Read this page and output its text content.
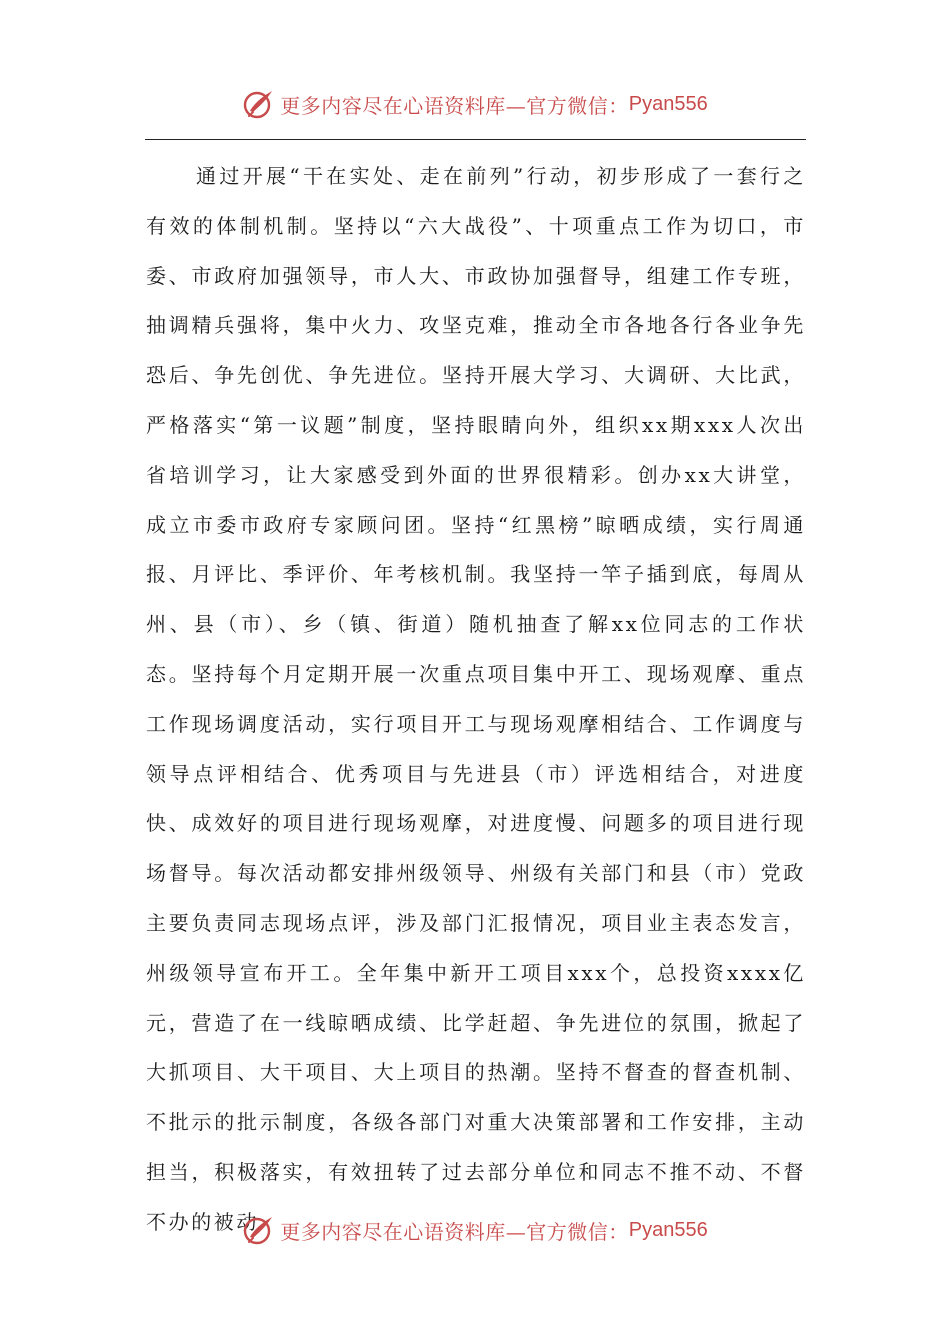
更多内容尽在心语资料库—官方微信： Pyan556

通过开展“干在实处、走在前列”行动，初步形成了一套行之有效的体制机制。坚持以“六大战役”、十项重点工作为切口，市委、市政府加强领导，市人大、市政协加强督导，组建工作专班，抽调精兵强将，集中火力、攻坚克难，推动全市各地各行各业争先恐后、争先创优、争先进位。坚持开展大学习、大调研、大比武，严格落实“第一议题”制度，坚持眼睛向外，组织xx期xxx人次出省培训学习，让大家感受到外面的世界很精彩。创办xx大讲堂，成立市委市政府专家顾问团。坚持“红黑榜”晾晒成绩，实行周通报、月评比、季评价、年考核机制。我坚持一竿子插到底，每周从州、县（市）、乡（镇、街道）随机抽查了解xx位同志的工作状态。坚持每个月定期开展一次重点项目集中开工、现场观摩、重点工作现场调度活动，实行项目开工与现场观摩相结合、工作调度与领导点评相结合、优秀项目与先进县（市）评选相结合，对进度快、成效好的项目进行现场观摩，对进度慢、问题多的项目进行现场督导。每次活动都安排州级领导、州级有关部门和县（市）党政主要负责同志现场点评，涉及部门汇报情况，项目业主表态发言，州级领导宣布开工。全年集中新开工项目xxx个，总投资xxxx亿元，营造了在一线晾晒成绩、比学赶超、争先进位的氛围，掀起了大抓项目、大干项目、大上项目的热潮。坚持不督查的督查机制、不批示的批示制度，各级各部门对重大决策部署和工作安排，主动担当，积极落实，有效扭转了过去部分单位和同志不推不动、不督不办的被动	更多内容尽在心语资料库—官方微信： Pyan556
